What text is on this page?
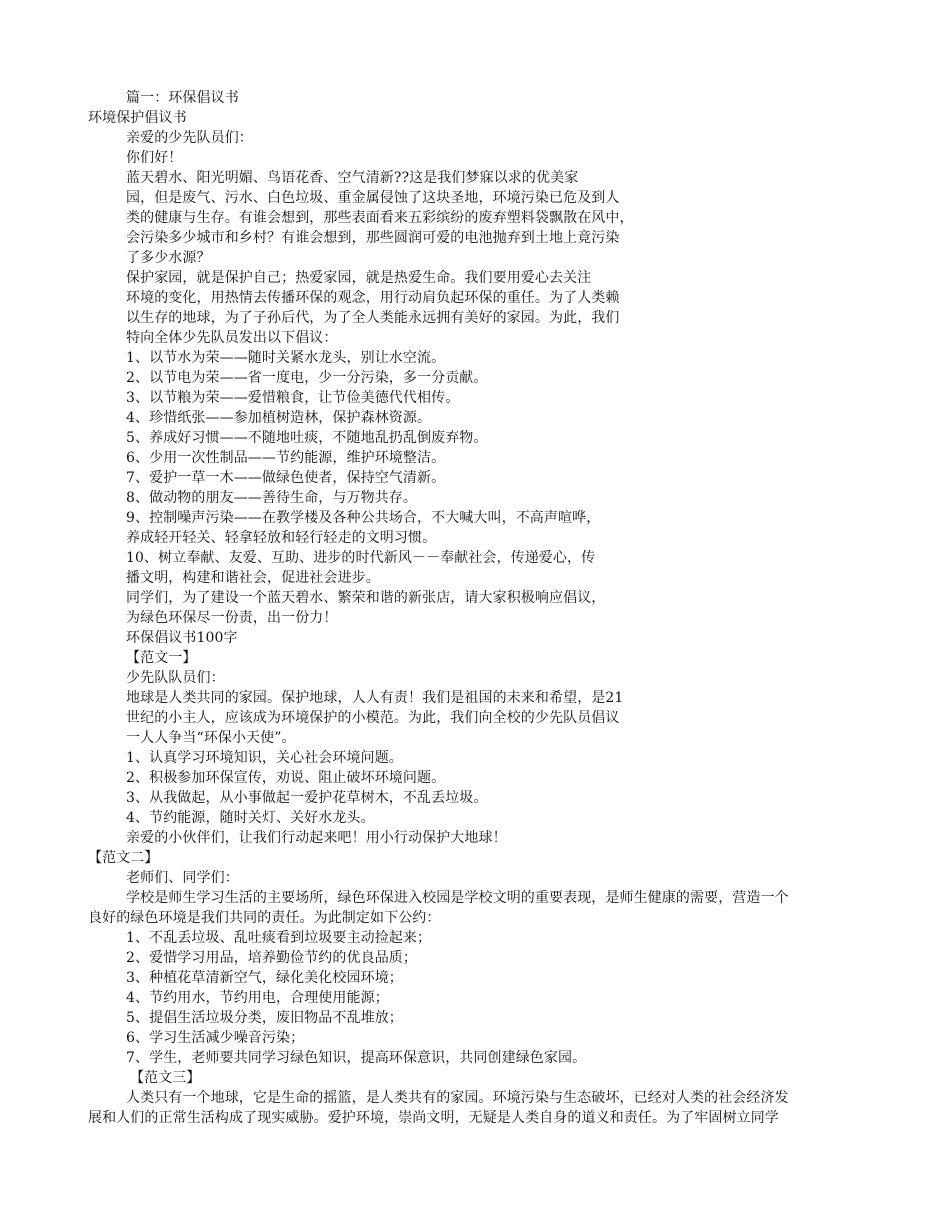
篇一：环保倡议书
环境保护倡议书
亲爱的少先队员们：
你们好！
蓝天碧水、阳光明媚、鸟语花香、空气清新??这是我们梦寐以求的优美家
园，但是废气、污水、白色垃圾、重金属侵蚀了这块圣地，环境污染已危及到人
类的健康与生存。有谁会想到，那些表面看来五彩缤纷的废弃塑料袋飘散在风中，
会污染多少城市和乡村？有谁会想到，那些圆润可爱的电池抛弃到土地上竟污染
了多少水源？
保护家园，就是保护自己；热爱家园，就是热爱生命。我们要用爱心去关注
环境的变化，用热情去传播环保的观念，用行动肩负起环保的重任。为了人类赖
以生存的地球，为了子孙后代，为了全人类能永远拥有美好的家园。为此，我们
特向全体少先队员发出以下倡议：
1、以节水为荣——随时关紧水龙头，别让水空流。
2、以节电为荣——省一度电，少一分污染，多一分贡献。
3、以节粮为荣——爱惜粮食，让节俭美德代代相传。
4、珍惜纸张——参加植树造林，保护森林资源。
5、养成好习惯——不随地吐痰，不随地乱扔乱倒废弃物。
6、少用一次性制品——节约能源，维护环境整洁。
7、爱护一草一木——做绿色使者，保持空气清新。
8、做动物的朋友——善待生命，与万物共存。
9、控制噪声污染——在教学楼及各种公共场合，不大喊大叫，不高声喧哗，
养成轻开轻关、轻拿轻放和轻行轻走的文明习惯。
10、树立奉献、友爱、互助、进步的时代新风－－奉献社会，传递爱心，传
播文明，构建和谐社会，促进社会进步。
同学们，为了建设一个蓝天碧水、繁荣和谐的新张店，请大家积极响应倡议，
为绿色环保尽一份责，出一份力！
环保倡议书100字
【范文一】
少先队队员们：
地球是人类共同的家园。保护地球，人人有责！我们是祖国的未来和希望，是21
世纪的小主人，应该成为环境保护的小模范。为此，我们向全校的少先队员倡议
一人人争当“环保小天使”。
1、认真学习环境知识，关心社会环境问题。
2、积极参加环保宣传，劝说、阻止破坏环境问题。
3、从我做起，从小事做起一爱护花草树木，不乱丢垃圾。
4、节约能源，随时关灯、关好水龙头。
亲爱的小伙伴们，让我们行动起来吧！用小行动保护大地球！
【范文二】
老师们、同学们：
学校是师生学习生活的主要场所，绿色环保进入校园是学校文明的重要表现，是师生健康的需要，营造一个
良好的绿色环境是我们共同的责任。为此制定如下公约：
1、不乱丢垃圾、乱吐痰看到垃圾要主动捡起来；
2、爱惜学习用品，培养勤俭节约的优良品质；
3、种植花草清新空气，绿化美化校园环境；
4、节约用水，节约用电，合理使用能源；
5、提倡生活垃圾分类，废旧物品不乱堆放；
6、学习生活减少噪音污染；
7、学生，老师要共同学习绿色知识，提高环保意识，共同创建绿色家园。
【范文三】
人类只有一个地球，它是生命的摇篮，是人类共有的家园。环境污染与生态破坏，已经对人类的社会经济发
展和人们的正常生活构成了现实威胁。爱护环境，崇尚文明，无疑是人类自身的道义和责任。为了牢固树立同学
